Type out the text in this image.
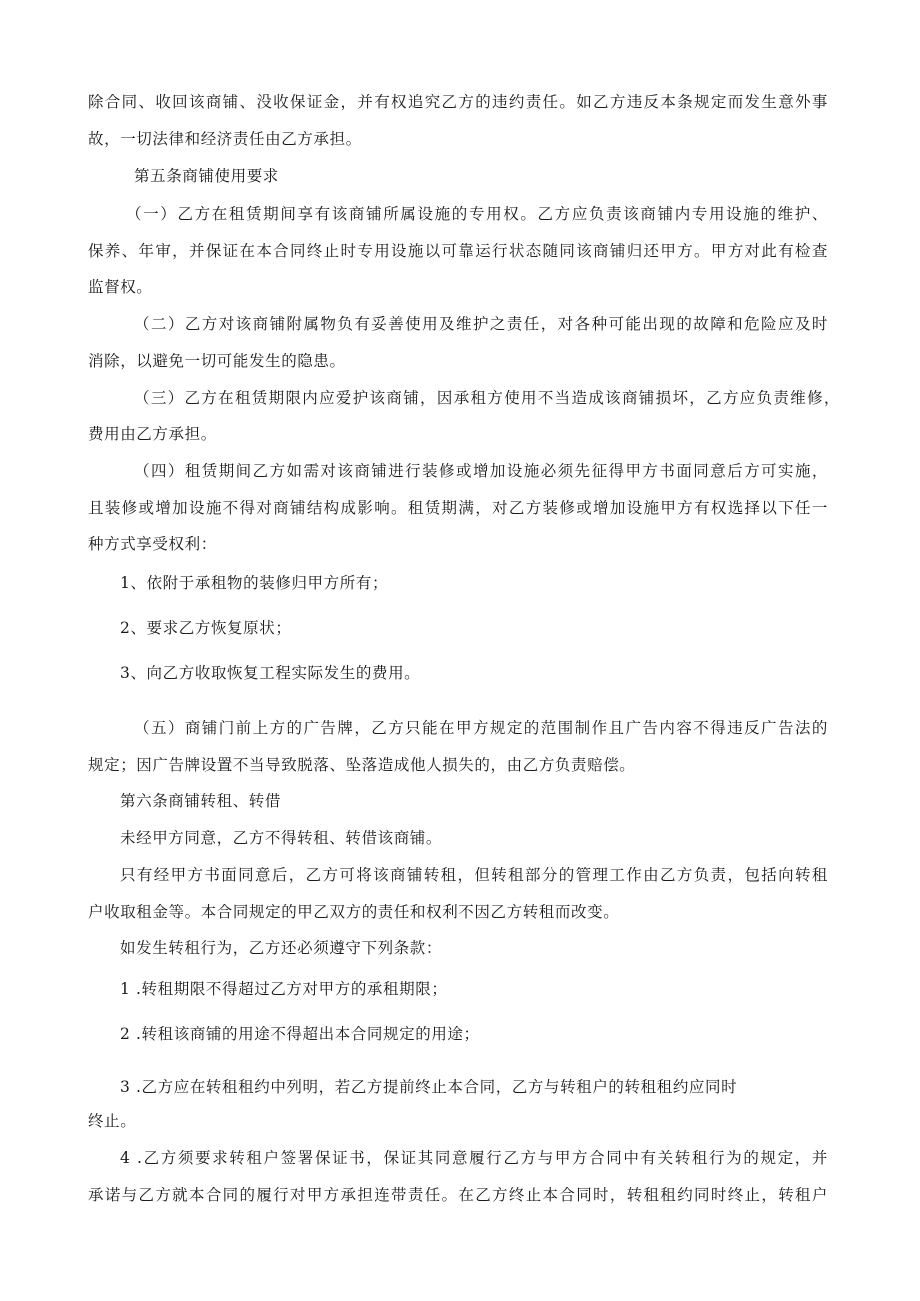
除合同、收回该商铺、没收保证金，并有权追究乙方的违约责任。如乙方违反本条规定而发生意外事
故，一切法律和经济责任由乙方承担。
第五条商铺使用要求
（一）乙方在租赁期间享有该商铺所属设施的专用权。乙方应负责该商铺内专用设施的维护、
保养、年审，并保证在本合同终止时专用设施以可靠运行状态随同该商铺归还甲方。甲方对此有检查
监督权。
（二）乙方对该商铺附属物负有妥善使用及维护之责任，对各种可能出现的故障和危险应及时
消除，以避免一切可能发生的隐患。
（三）乙方在租赁期限内应爱护该商铺，因承租方使用不当造成该商铺损坏，乙方应负责维修，
费用由乙方承担。
（四）租赁期间乙方如需对该商铺进行装修或增加设施必须先征得甲方书面同意后方可实施，
且装修或增加设施不得对商铺结构成影响。租赁期满，对乙方装修或增加设施甲方有权选择以下任一
种方式享受权利：
1、依附于承租物的装修归甲方所有；
2、要求乙方恢复原状；
3、向乙方收取恢复工程实际发生的费用。
（五）商铺门前上方的广告牌，乙方只能在甲方规定的范围制作且广告内容不得违反广告法的
规定；因广告牌设置不当导致脱落、坠落造成他人损失的，由乙方负责赔偿。
第六条商铺转租、转借
未经甲方同意，乙方不得转租、转借该商铺。
只有经甲方书面同意后，乙方可将该商铺转租，但转租部分的管理工作由乙方负责，包括向转租
户收取租金等。本合同规定的甲乙双方的责任和权利不因乙方转租而改变。
如发生转租行为，乙方还必须遵守下列条款：
1 .转租期限不得超过乙方对甲方的承租期限；
2 .转租该商铺的用途不得超出本合同规定的用途；
3 .乙方应在转租租约中列明，若乙方提前终止本合同，乙方与转租户的转租租约应同时
终止。
4 .乙方须要求转租户签署保证书，保证其同意履行乙方与甲方合同中有关转租行为的规定，并
承诺与乙方就本合同的履行对甲方承担连带责任。在乙方终止本合同时，转租租约同时终止，转租户
